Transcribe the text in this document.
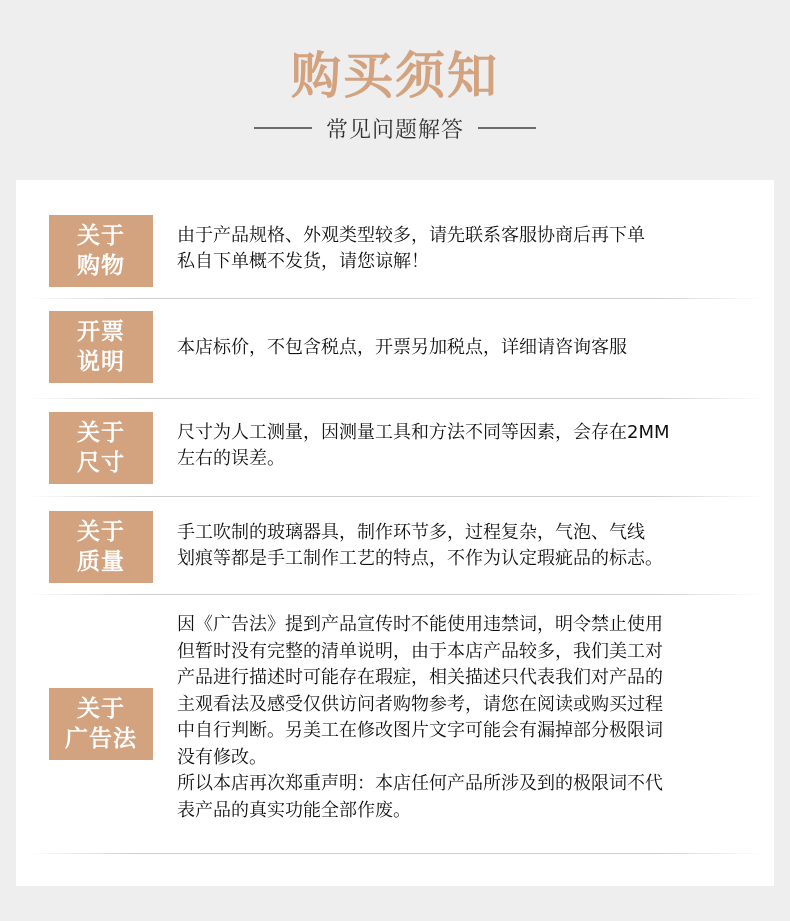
购买须知
常见问题解答
关于
购物
由于产品规格、外观类型较多，请先联系客服协商后再下单
私自下单概不发货，请您谅解！
开票
说明
本店标价，不包含税点，开票另加税点，详细请咨询客服
关于
尺寸
尺寸为人工测量，因测量工具和方法不同等因素，会存在2MM
左右的误差。
关于
质量
手工吹制的玻璃器具，制作环节多，过程复杂，气泡、气线
划痕等都是手工制作工艺的特点，不作为认定瑕疵品的标志。
关于
广告法
因《广告法》提到产品宣传时不能使用违禁词，明令禁止使用
但暂时没有完整的清单说明，由于本店产品较多，我们美工对
产品进行描述时可能存在瑕症，相关描述只代表我们对产品的
主观看法及感受仅供访问者购物参考，请您在阅读或购买过程
中自行判断。另美工在修改图片文字可能会有漏掉部分极限词
没有修改。
所以本店再次郑重声明：本店任何产品所涉及到的极限词不代
表产品的真实功能全部作废。
